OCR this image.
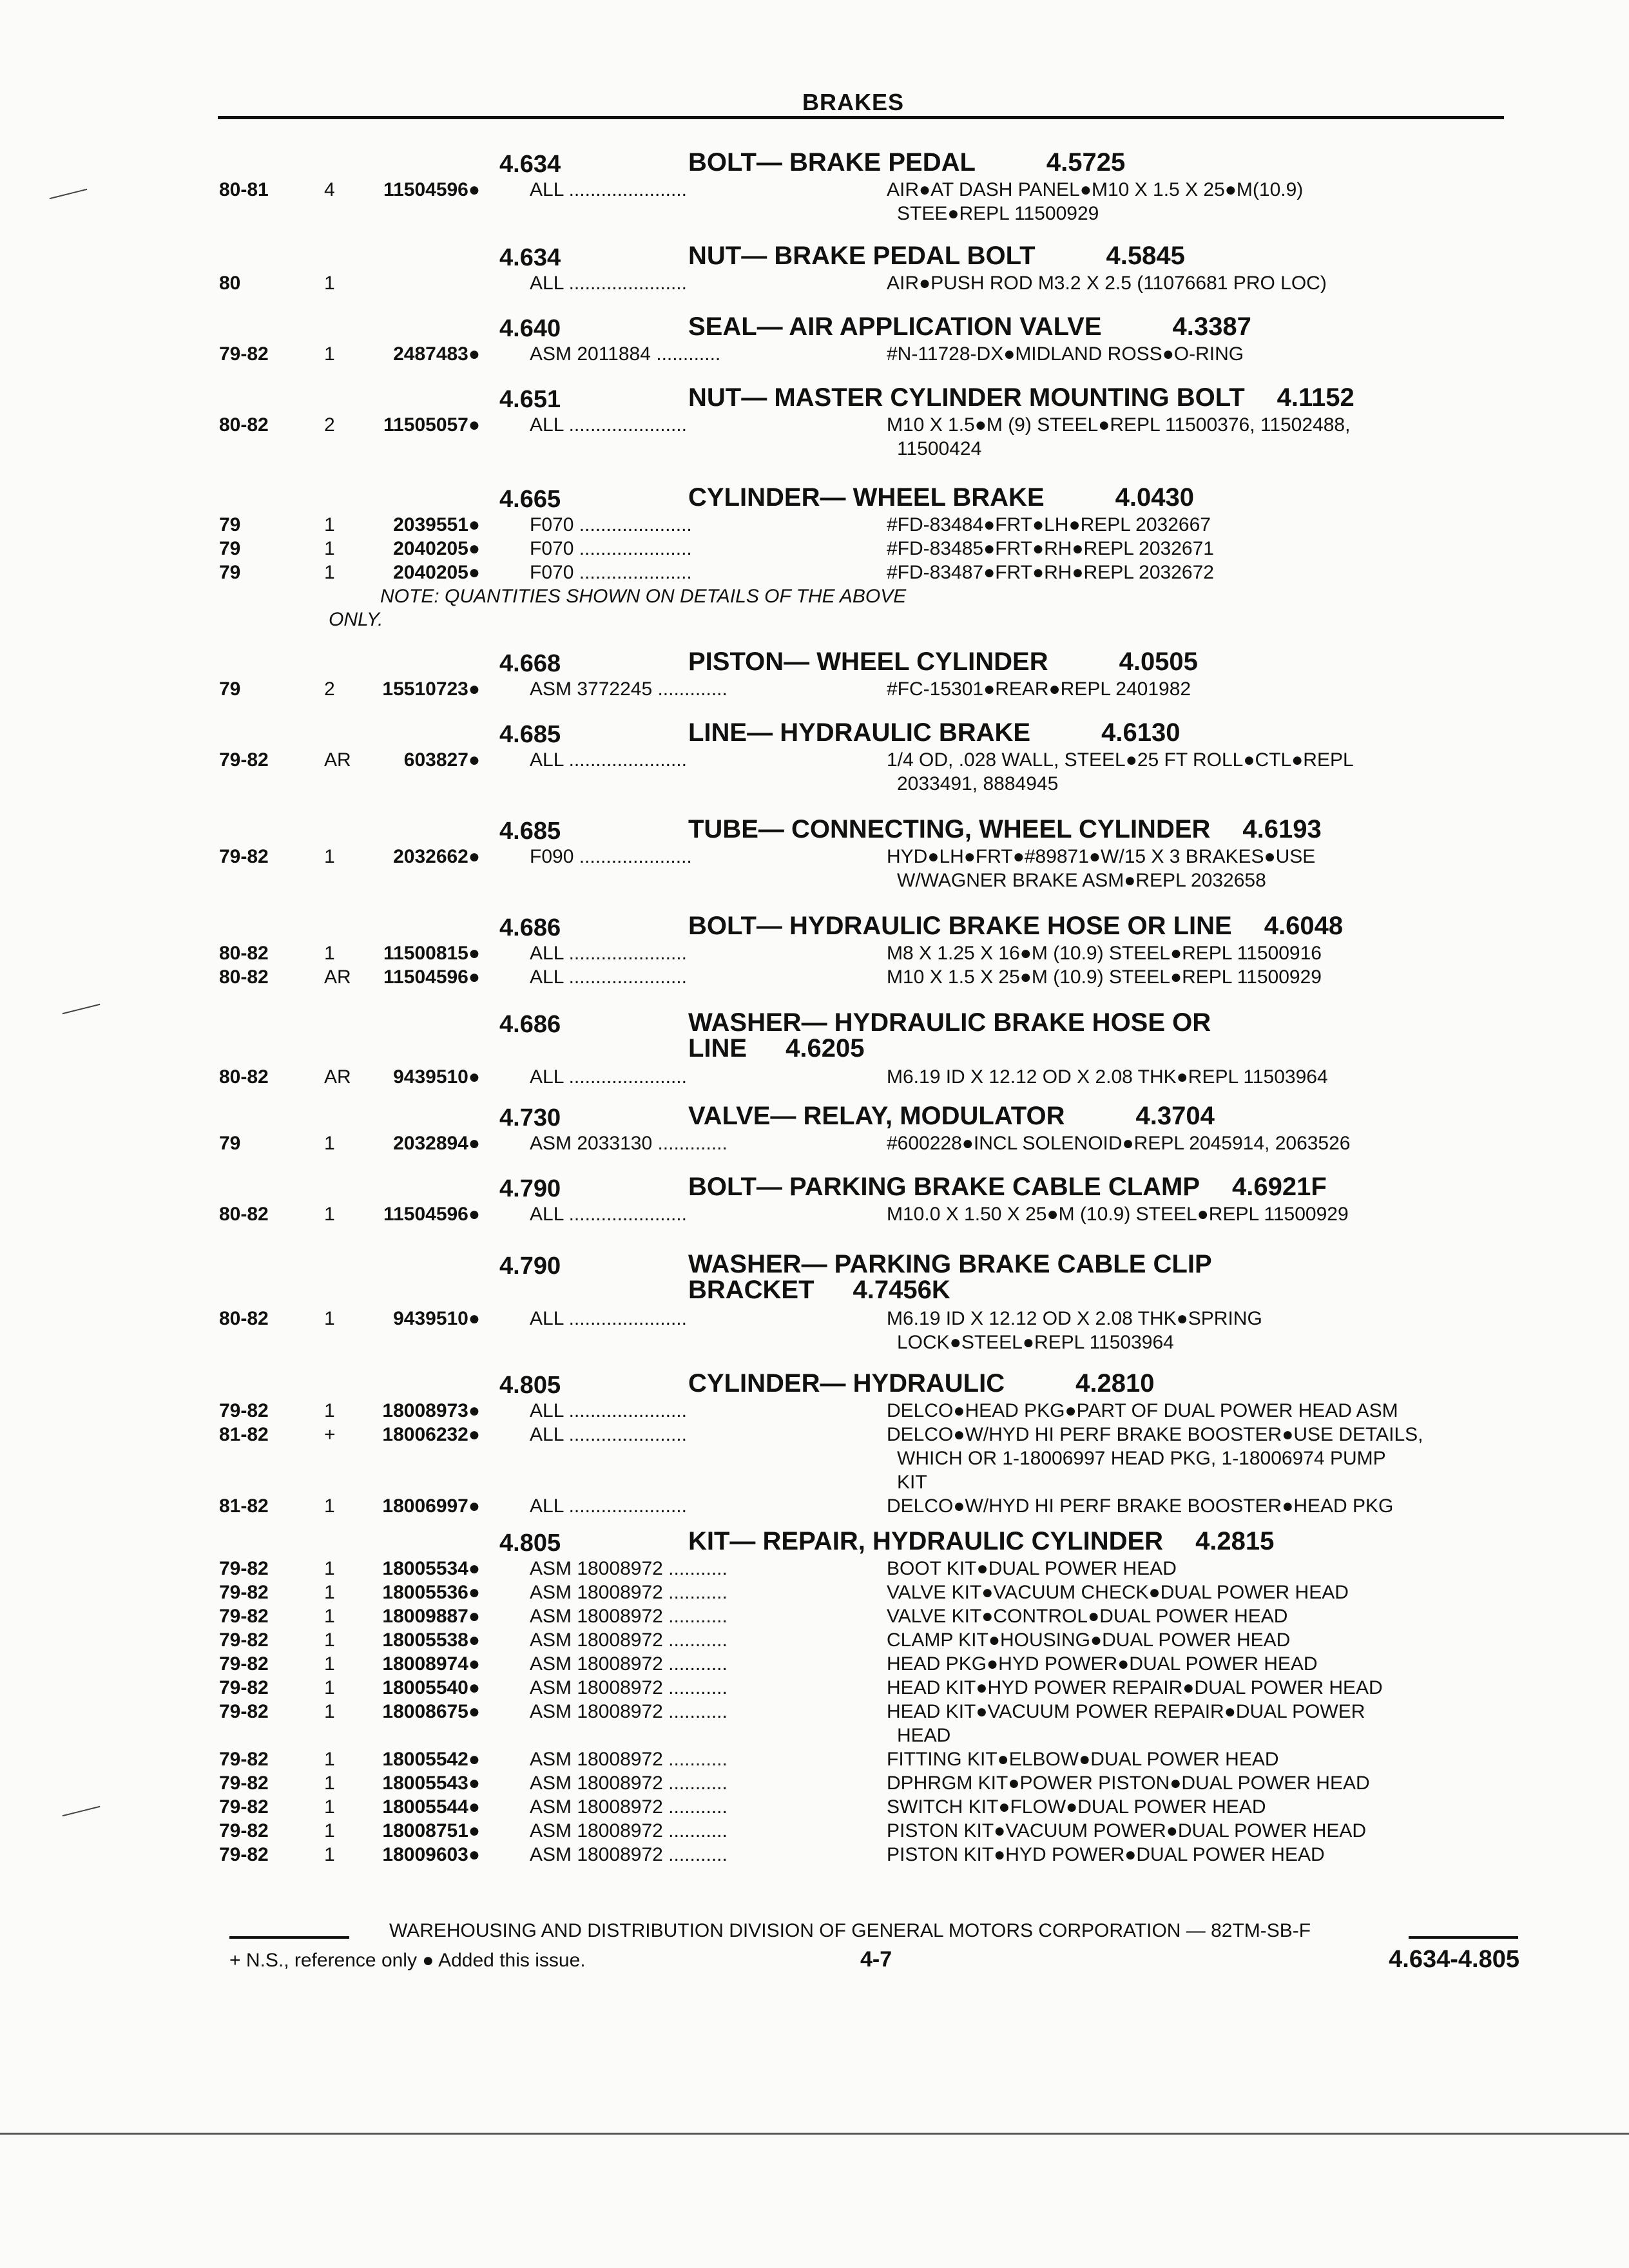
BRAKES
4.634	BOLT— BRAKE PEDAL	4.5725
80-81	4	11504596●	ALL ......................	AIR●AT DASH PANEL●M10 X 1.5 X 25●M(10.9)
STEE●REPL 11500929
4.634	NUT— BRAKE PEDAL BOLT	4.5845
80	1	ALL ......................	AIR●PUSH ROD M3.2 X 2.5 (11076681 PRO LOC)
4.640	SEAL— AIR APPLICATION VALVE	4.3387
79-82	1	2487483●	ASM 2011884 ............	#N-11728-DX●MIDLAND ROSS●O-RING
4.651	NUT— MASTER CYLINDER MOUNTING BOLT 4.1152
80-82	2	11505057●	ALL ......................	M10 X 1.5●M (9) STEEL●REPL 11500376, 11502488,
11500424
4.665	CYLINDER— WHEEL BRAKE	4.0430
79	1	2039551●	F070 .....................	#FD-83484●FRT●LH●REPL 2032667
79	1	2040205●	F070 .....................	#FD-83485●FRT●RH●REPL 2032671
79	1	2040205●	F070 .....................	#FD-83487●FRT●RH●REPL 2032672
NOTE: QUANTITIES SHOWN ON DETAILS OF THE ABOVE
ONLY.
4.668	PISTON— WHEEL CYLINDER	4.0505
79	2 15510723●	ASM 3772245 .............	#FC-15301●REAR●REPL 2401982
4.685	LINE— HYDRAULIC BRAKE	4.6130
79-82	AR	603827●	ALL ......................	1/4 OD, .028 WALL, STEEL●25 FT ROLL●CTL●REPL
2033491, 8884945
4.685	TUBE— CONNECTING, WHEEL CYLINDER 4.6193
79-82	1	2032662●	F090 .....................	HYD●LH●FRT●#89871●W/15 X 3 BRAKES●USE
W/WAGNER BRAKE ASM●REPL 2032658
4.686	BOLT— HYDRAULIC BRAKE HOSE OR LINE 4.6048
80-82	1	11500815●	ALL ......................	M8 X 1.25 X 16●M (10.9) STEEL●REPL 11500916
80-82	AR 11504596●	ALL ......................	M10 X 1.5 X 25●M (10.9) STEEL●REPL 11500929
4.686	WASHER— HYDRAULIC BRAKE HOSE OR
LINE 4.6205
80-82	AR 9439510●	ALL ......................	M6.19 ID X 12.12 OD X 2.08 THK●REPL 11503964
4.730	VALVE— RELAY, MODULATOR	4.3704
79	1	2032894●	ASM 2033130 .............	#600228●INCL SOLENOID●REPL 2045914, 2063526
4.790	BOLT— PARKING BRAKE CABLE CLAMP 4.6921F
80-82	1	11504596●	ALL ......................	M10.0 X 1.50 X 25●M (10.9) STEEL●REPL 11500929
4.790	WASHER— PARKING BRAKE CABLE CLIP
BRACKET 4.7456K
80-82	1	9439510●	ALL ......................	M6.19 ID X 12.12 OD X 2.08 THK●SPRING
LOCK●STEEL●REPL 11503964
4.805	CYLINDER— HYDRAULIC	4.2810
79-82	1 18008973●	ALL ......................	DELCO●HEAD PKG●PART OF DUAL POWER HEAD ASM
81-82	+ 18006232●	ALL ......................	DELCO●W/HYD HI PERF BRAKE BOOSTER●USE DETAILS,
WHICH OR 1-18006997 HEAD PKG, 1-18006974 PUMP
KIT
81-82	1 18006997●	ALL ......................	DELCO●W/HYD HI PERF BRAKE BOOSTER●HEAD PKG
4.805	KIT— REPAIR, HYDRAULIC CYLINDER 4.2815
79-82	1 18005534●	ASM 18008972 ...........	BOOT KIT●DUAL POWER HEAD
79-82	1 18005536●	ASM 18008972 ...........	VALVE KIT●VACUUM CHECK●DUAL POWER HEAD
79-82	1 18009887●	ASM 18008972 ...........	VALVE KIT●CONTROL●DUAL POWER HEAD
79-82	1 18005538●	ASM 18008972 ...........	CLAMP KIT●HOUSING●DUAL POWER HEAD
79-82	1 18008974●	ASM 18008972 ...........	HEAD PKG●HYD POWER●DUAL POWER HEAD
79-82	1 18005540●	ASM 18008972 ...........	HEAD KIT●HYD POWER REPAIR●DUAL POWER HEAD
79-82	1 18008675●	ASM 18008972 ...........	HEAD KIT●VACUUM POWER REPAIR●DUAL POWER
HEAD
79-82	1 18005542●	ASM 18008972 ...........	FITTING KIT●ELBOW●DUAL POWER HEAD
79-82	1 18005543●	ASM 18008972 ...........	DPHRGM KIT●POWER PISTON●DUAL POWER HEAD
79-82	1 18005544●	ASM 18008972 ...........	SWITCH KIT●FLOW●DUAL POWER HEAD
79-82	1 18008751●	ASM 18008972 ...........	PISTON KIT●VACUUM POWER●DUAL POWER HEAD
79-82	1 18009603●	ASM 18008972 ...........	PISTON KIT●HYD POWER●DUAL POWER HEAD
WAREHOUSING AND DISTRIBUTION DIVISION OF GENERAL MOTORS CORPORATION — 82TM-SB-F
+ N.S., reference only ● Added this issue.	4-7	4.634-4.805
